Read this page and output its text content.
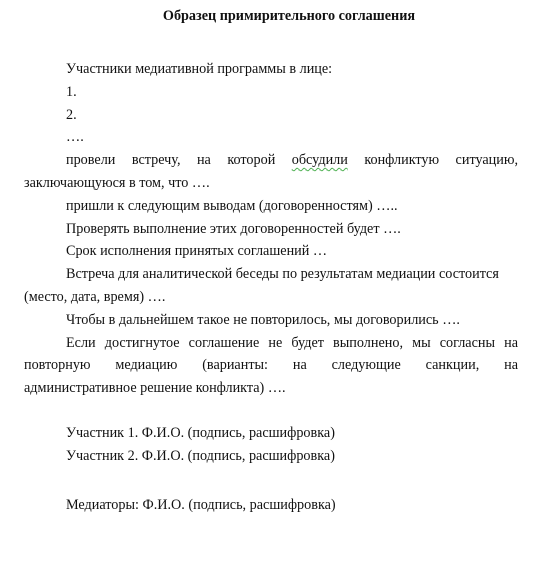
Образец примирительного соглашения
Участники медиативной программы в лице:
1.
2.
….
провели встречу, на которой обсудили конфликтую ситуацию,
заключающуюся в том, что ….
пришли к следующим выводам (договоренностям) …..
Проверять выполнение этих договоренностей будет ….
Срок исполнения принятых соглашений …
Встреча для аналитической беседы по результатам медиации состоится
(место, дата, время) ….
Чтобы в дальнейшем такое не повторилось, мы договорились ….
Если достигнутое соглашение не будет выполнено, мы согласны на
повторную медиацию (варианты: на следующие санкции, на
административное решение конфликта) ….
Участник 1. Ф.И.О. (подпись, расшифровка)
Участник 2. Ф.И.О. (подпись, расшифровка)
Медиаторы: Ф.И.О. (подпись, расшифровка)
